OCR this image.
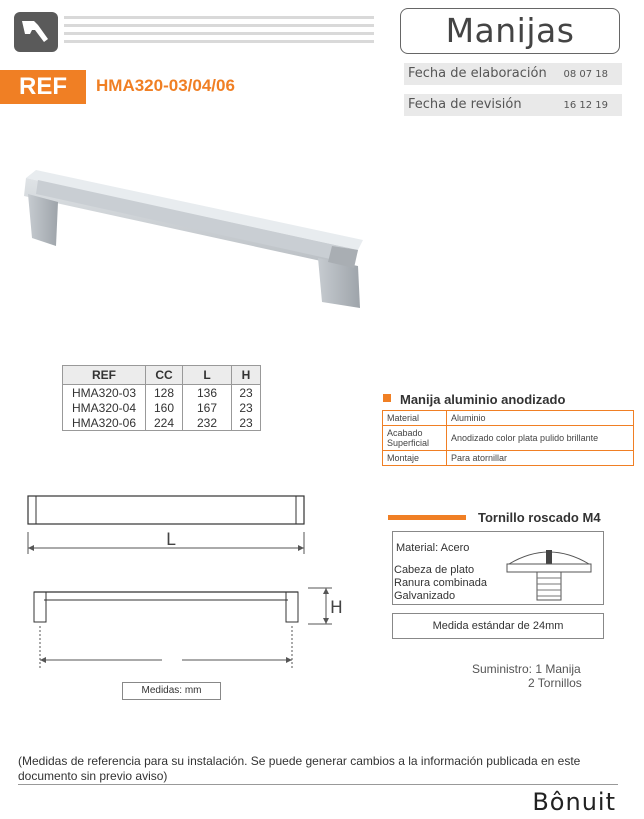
Manijas
Fecha de elaboración 08 07 18
Fecha de revisión	16 12 19
REF	HMA320-03/04/06
REF	CC	L	H
HMA320-03	128	136	23
HMA320-04	160	167	23
HMA320-06	224	232	23
Manija aluminio anodizado
Material	Aluminio
Acabado Superficial	Anodizado color plata pulido brillante
Montaje	Para atornillar
Tornillo roscado M4
Material: Acero
Cabeza de plato
Ranura combinada
Galvanizado
Medida estándar de 24mm
Suministro: 1 Manija
2 Tornillos
L
H
Medidas: mm
(Medidas de referencia para su instalación. Se puede generar cambios a la información publicada en este documento sin previo aviso)
Bônuit
